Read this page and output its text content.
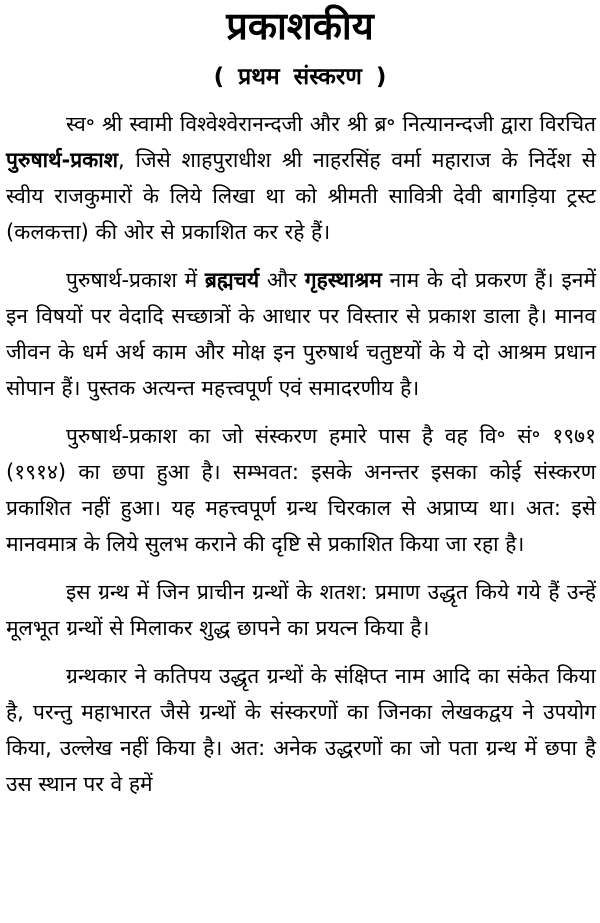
प्रकाशकीय
( प्रथम संस्करण )

स्व॰ श्री स्वामी विश्वेश्वेरानन्दजी और श्री ब्र॰ नित्यानन्दजी द्वारा विरचित पुरुषार्थ-प्रकाश, जिसे शाहपुराधीश श्री नाहरसिंह वर्मा महाराज के निर्देश से स्वीय राजकुमारों के लिये लिखा था को श्रीमती सावित्री देवी बागड़िया ट्रस्ट (कलकत्ता) की ओर से प्रकाशित कर रहे हैं।

पुरुषार्थ-प्रकाश में ब्रह्मचर्य और गृहस्थाश्रम नाम के दो प्रकरण हैं। इनमें इन विषयों पर वेदादि सच्छात्रों के आधार पर विस्तार से प्रकाश डाला है। मानव जीवन के धर्म अर्थ काम और मोक्ष इन पुरुषार्थ चतुष्टयों के ये दो आश्रम प्रधान सोपान हैं। पुस्तक अत्यन्त महत्त्वपूर्ण एवं समादरणीय है।

पुरुषार्थ-प्रकाश का जो संस्करण हमारे पास है वह वि॰ सं॰ १९७१ (१९१४) का छपा हुआ है। सम्भवत: इसके अनन्तर इसका कोई संस्करण प्रकाशित नहीं हुआ। यह महत्त्वपूर्ण ग्रन्थ चिरकाल से अप्राप्य था। अत: इसे मानवमात्र के लिये सुलभ कराने की दृष्टि से प्रकाशित किया जा रहा है।

इस ग्रन्थ में जिन प्राचीन ग्रन्थों के शतश: प्रमाण उद्धृत किये गये हैं उन्हें मूलभूत ग्रन्थों से मिलाकर शुद्ध छापने का प्रयत्न किया है।

ग्रन्थकार ने कतिपय उद्धृत ग्रन्थों के संक्षिप्त नाम आदि का संकेत किया है, परन्तु महाभारत जैसे ग्रन्थों के संस्करणों का जिनका लेखकद्वय ने उपयोग किया, उल्लेख नहीं किया है। अत: अनेक उद्धरणों का जो पता ग्रन्थ में छपा है उस स्थान पर वे हमें
